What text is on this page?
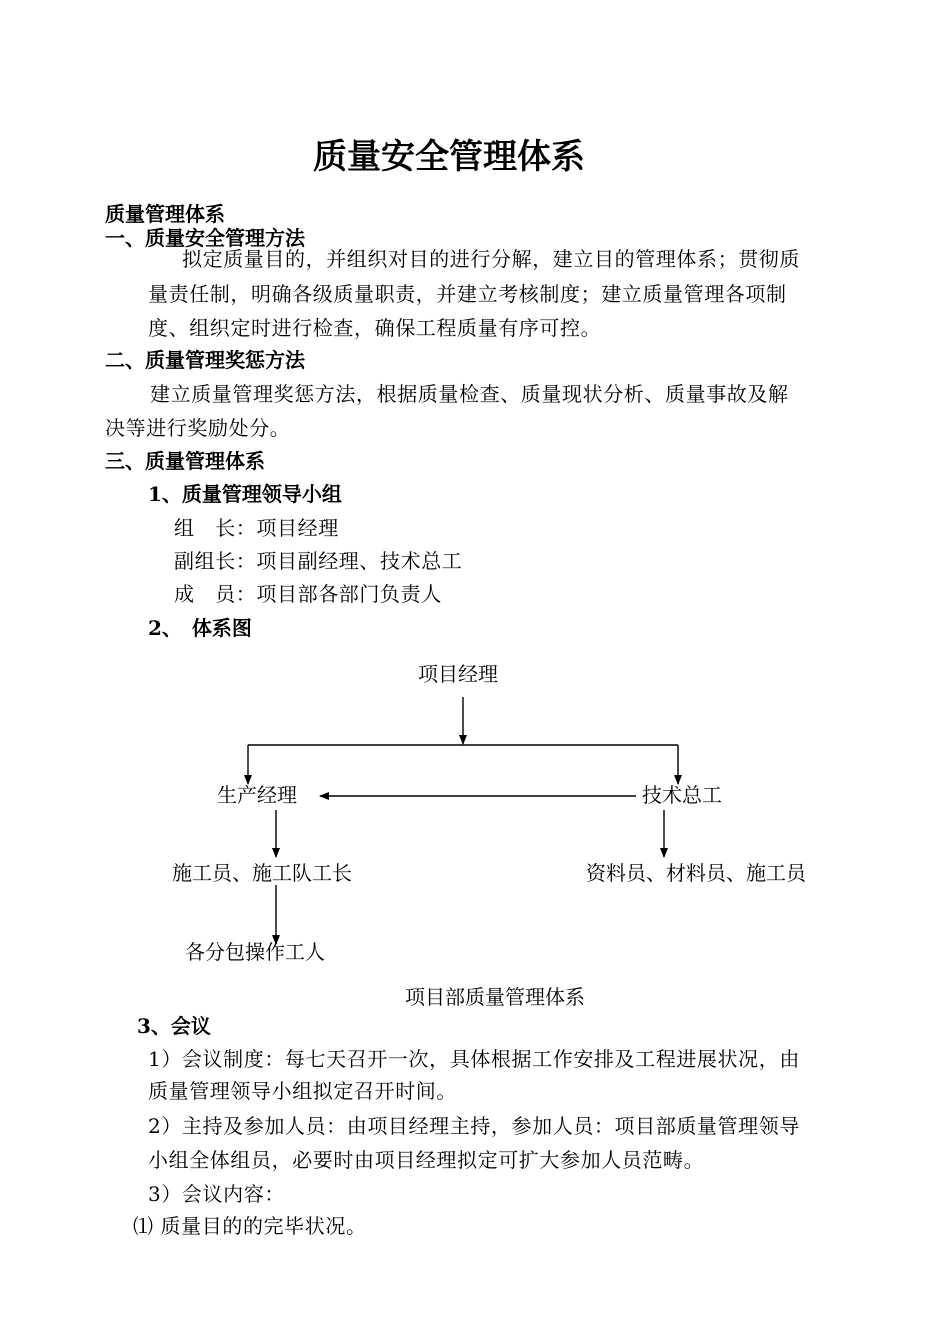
质量安全管理体系
质量管理体系
一、质量安全管理方法
拟定质量目的，并组织对目的进行分解，建立目的管理体系；贯彻质
量责任制，明确各级质量职责，并建立考核制度；建立质量管理各项制
度、组织定时进行检查，确保工程质量有序可控。
二、质量管理奖惩方法
建立质量管理奖惩方法，根据质量检查、质量现状分析、质量事故及解
决等进行奖励处分。
三、质量管理体系
1、质量管理领导小组
组　长：项目经理
副组长：项目副经理、技术总工
成　员：项目部各部门负责人
2、　体系图
项目经理
生产经理	技术总工
施工员、施工队工长	资料员、材料员、施工员
各分包操作工人
项目部质量管理体系
3、会议
1）会议制度：每七天召开一次，具体根据工作安排及工程进展状况，由
质量管理领导小组拟定召开时间。
2）主持及参加人员：由项目经理主持，参加人员：项目部质量管理领导
小组全体组员，必要时由项目经理拟定可扩大参加人员范畴。
3）会议内容：
⑴ 质量目的的完毕状况。
